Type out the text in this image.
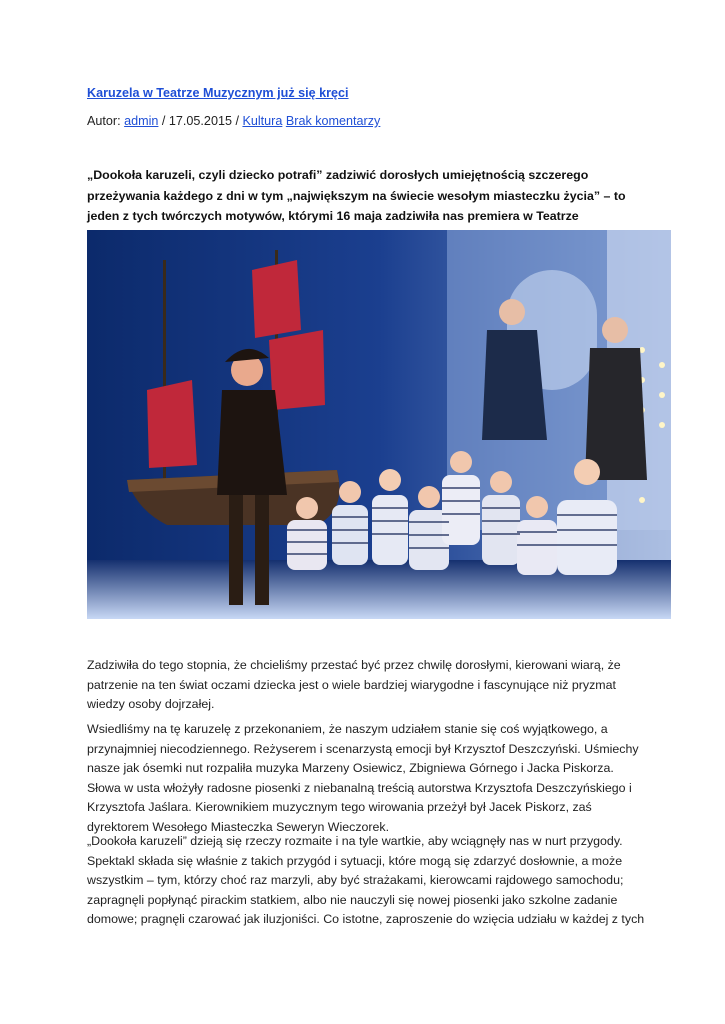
Karuzela w Teatrze Muzycznym już się kręci
Autor: admin / 17.05.2015 / Kultura Brak komentarzy

„Dookoła karuzeli, czyli dziecko potrafi” zadziwić dorosłych umiejętnością szczerego przeżywania każdego z dni w tym „największym na świecie wesołym miasteczku życia” – to jeden z tych twórczych motywów, którymi 16 maja zadziwiła nas premiera w Teatrze

Zadziwiła do tego stopnia, że chcieliśmy przestać być przez chwilę dorosłymi, kierowani wiarą, że patrzenie na ten świat oczami dziecka jest o wiele bardziej wiarygodne i fascynujące niż pryzmat wiedzy osoby dojrzałej.

Wsiedliśmy na tę karuzelę z przekonaniem, że naszym udziałem stanie się coś wyjątkowego, a przynajmniej niecodziennego. Reżyserem i scenarzystą emocji był Krzysztof Deszczyński. Uśmiechy nasze jak ósemki nut rozpaliła muzyka Marzeny Osiewicz, Zbigniewa Górnego i Jacka Piskorza. Słowa w usta włożyły radosne piosenki z niebanalną treścią autorstwa Krzysztofa Deszczyńskiego i Krzysztofa Jaślara. Kierownikiem muzycznym tego wirowania przeżył był Jacek Piskorz, zaś dyrektorem Wesołego Miasteczka Seweryn Wieczorek.

„Dookoła karuzeli” dzieją się rzeczy rozmaite i na tyle wartkie, aby wciągnęły nas w nurt przygody. Spektakl składa się właśnie z takich przygód i sytuacji, które mogą się zdarzyć dosłownie, a może wszystkim – tym, którzy choć raz marzyli, aby być strażakami, kierowcami rajdowego samochodu; zapragnęli popłynąć pirackim statkiem, albo nie nauczyli się nowej piosenki jako szkolne zadanie domowe; pragnęli czarować jak iluzjoniści. Co istotne, zaproszenie do wzięcia udziału w każdej z tych
